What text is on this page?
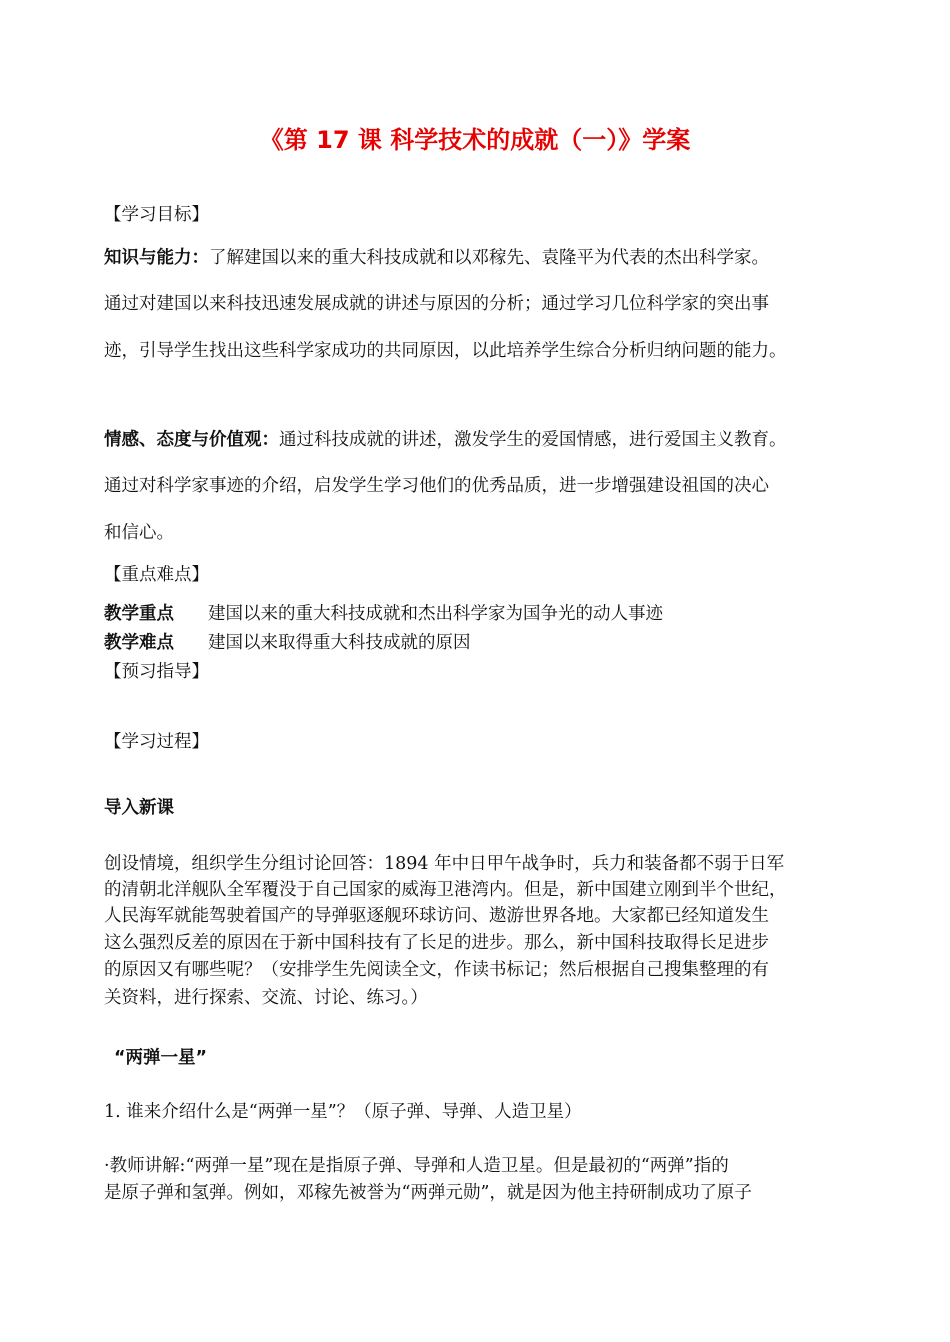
《第 17 课 科学技术的成就（一）》学案
【学习目标】
知识与能力：了解建国以来的重大科技成就和以邓稼先、袁隆平为代表的杰出科学家。
通过对建国以来科技迅速发展成就的讲述与原因的分析；通过学习几位科学家的突出事
迹，引导学生找出这些科学家成功的共同原因，以此培养学生综合分析归纳问题的能力。
情感、态度与价值观：通过科技成就的讲述，激发学生的爱国情感，进行爱国主义教育。
通过对科学家事迹的介绍，启发学生学习他们的优秀品质，进一步增强建设祖国的决心
和信心。
【重点难点】
教学重点 建国以来的重大科技成就和杰出科学家为国争光的动人事迹
教学难点 建国以来取得重大科技成就的原因
【预习指导】
【学习过程】
导入新课
创设情境，组织学生分组讨论回答：1894 年中日甲午战争时，兵力和装备都不弱于日军
的清朝北洋舰队全军覆没于自己国家的威海卫港湾内。但是，新中国建立刚到半个世纪，
人民海军就能驾驶着国产的导弹驱逐舰环球访问、遨游世界各地。大家都已经知道发生
这么强烈反差的原因在于新中国科技有了长足的进步。那么，新中国科技取得长足进步
的原因又有哪些呢？（安排学生先阅读全文，作读书标记；然后根据自己搜集整理的有
关资料，进行探索、交流、讨论、练习。）
“两弹一星”
1. 谁来介绍什么是“两弹一星”？（原子弹、导弹、人造卫星）
·教师讲解:“两弹一星”现在是指原子弹、导弹和人造卫星。但是最初的“两弹”指的
是原子弹和氢弹。例如，邓稼先被誉为“两弹元勋”，就是因为他主持研制成功了原子
